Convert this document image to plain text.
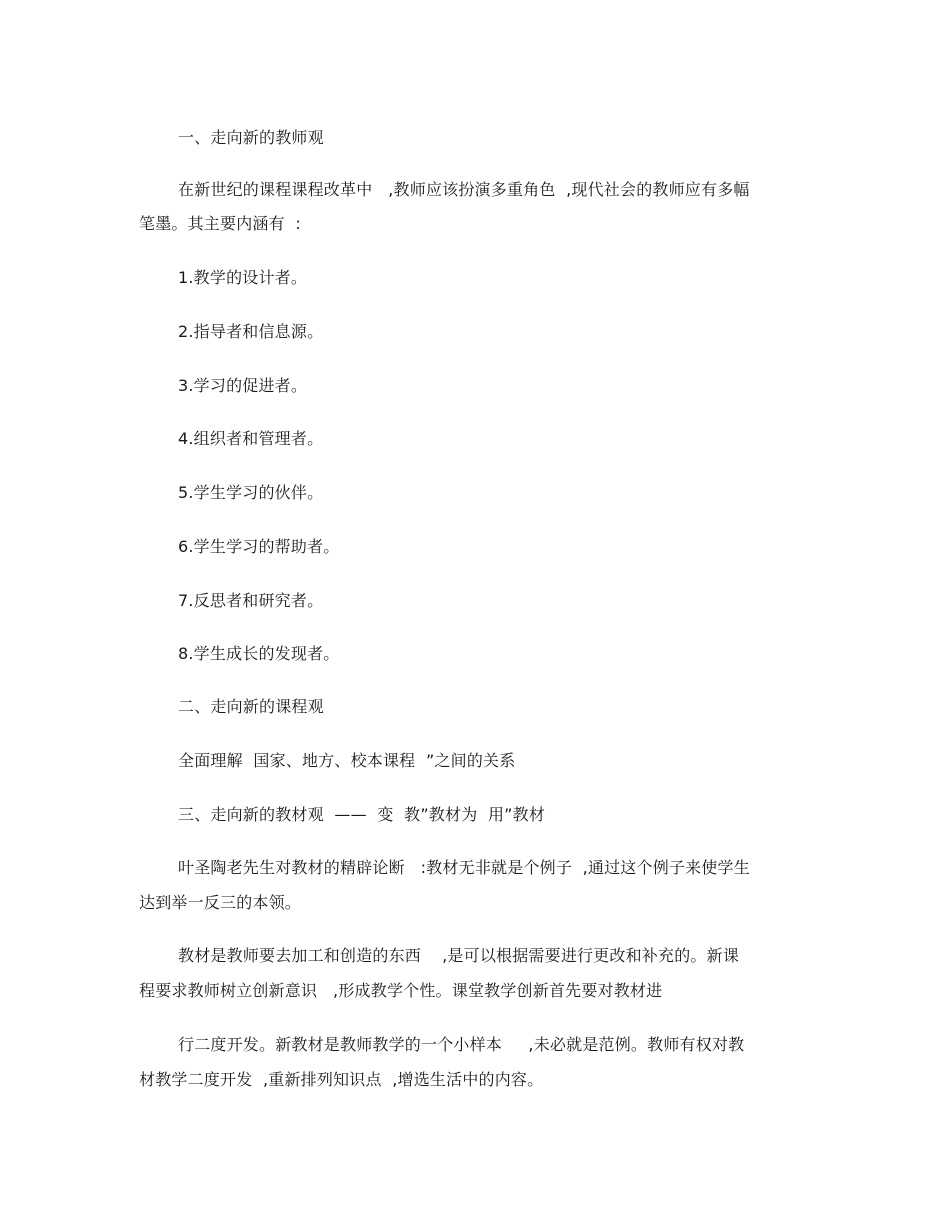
一、走向新的教师观
在新世纪的课程课程改革中   ,教师应该扮演多重角色  ,现代社会的教师应有多幅
笔墨。其主要内涵有  :
1.教学的设计者。
2.指导者和信息源。
3.学习的促进者。
4.组织者和管理者。
5.学生学习的伙伴。
6.学生学习的帮助者。
7.反思者和研究者。
8.学生成长的发现者。
二、走向新的课程观
全面理解  国家、地方、校本课程  ”之间的关系
三、走向新的教材观  ——  变  教”教材为  用”教材
叶圣陶老先生对教材的精辟论断   :教材无非就是个例子  ,通过这个例子来使学生
达到举一反三的本领。
教材是教师要去加工和创造的东西    ,是可以根据需要进行更改和补充的。新课
程要求教师树立创新意识   ,形成教学个性。课堂教学创新首先要对教材进
行二度开发。新教材是教师教学的一个小样本     ,未必就是范例。教师有权对教
材教学二度开发  ,重新排列知识点  ,增选生活中的内容。
